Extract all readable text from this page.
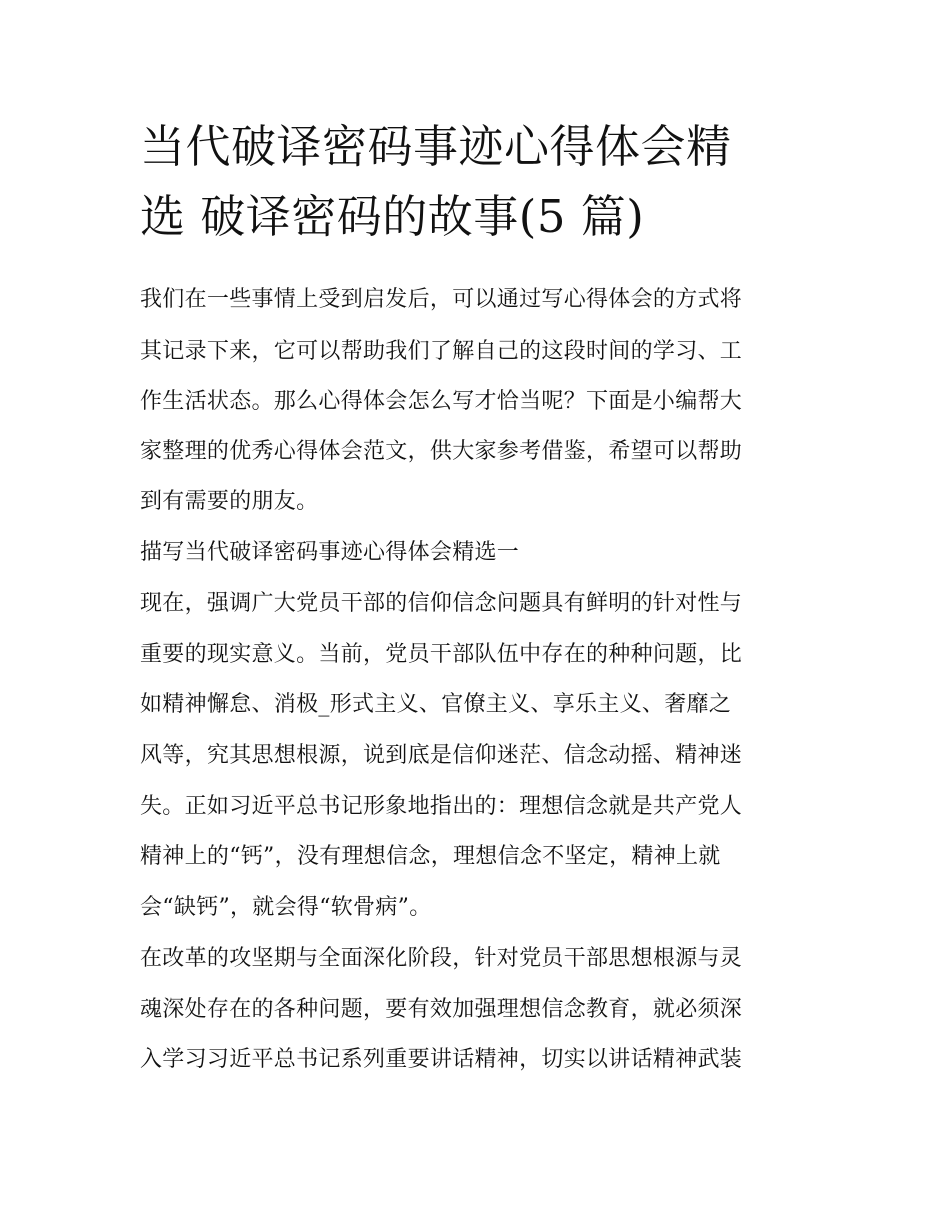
当代破译密码事迹心得体会精
选 破译密码的故事(5 篇)

我们在一些事情上受到启发后，可以通过写心得体会的方式将

其记录下来，它可以帮助我们了解自己的这段时间的学习、工

作生活状态。那么心得体会怎么写才恰当呢？下面是小编帮大

家整理的优秀心得体会范文，供大家参考借鉴，希望可以帮助

到有需要的朋友。

描写当代破译密码事迹心得体会精选一

现在，强调广大党员干部的信仰信念问题具有鲜明的针对性与

重要的现实意义。当前，党员干部队伍中存在的种种问题，比

如精神懈怠、消极_形式主义、官僚主义、享乐主义、奢靡之

风等，究其思想根源，说到底是信仰迷茫、信念动摇、精神迷

失。正如习近平总书记形象地指出的：理想信念就是共产党人

精神上的“钙”，没有理想信念，理想信念不坚定，精神上就

会“缺钙”，就会得“软骨病”。

在改革的攻坚期与全面深化阶段，针对党员干部思想根源与灵

魂深处存在的各种问题，要有效加强理想信念教育，就必须深

入学习习近平总书记系列重要讲话精神，切实以讲话精神武装
